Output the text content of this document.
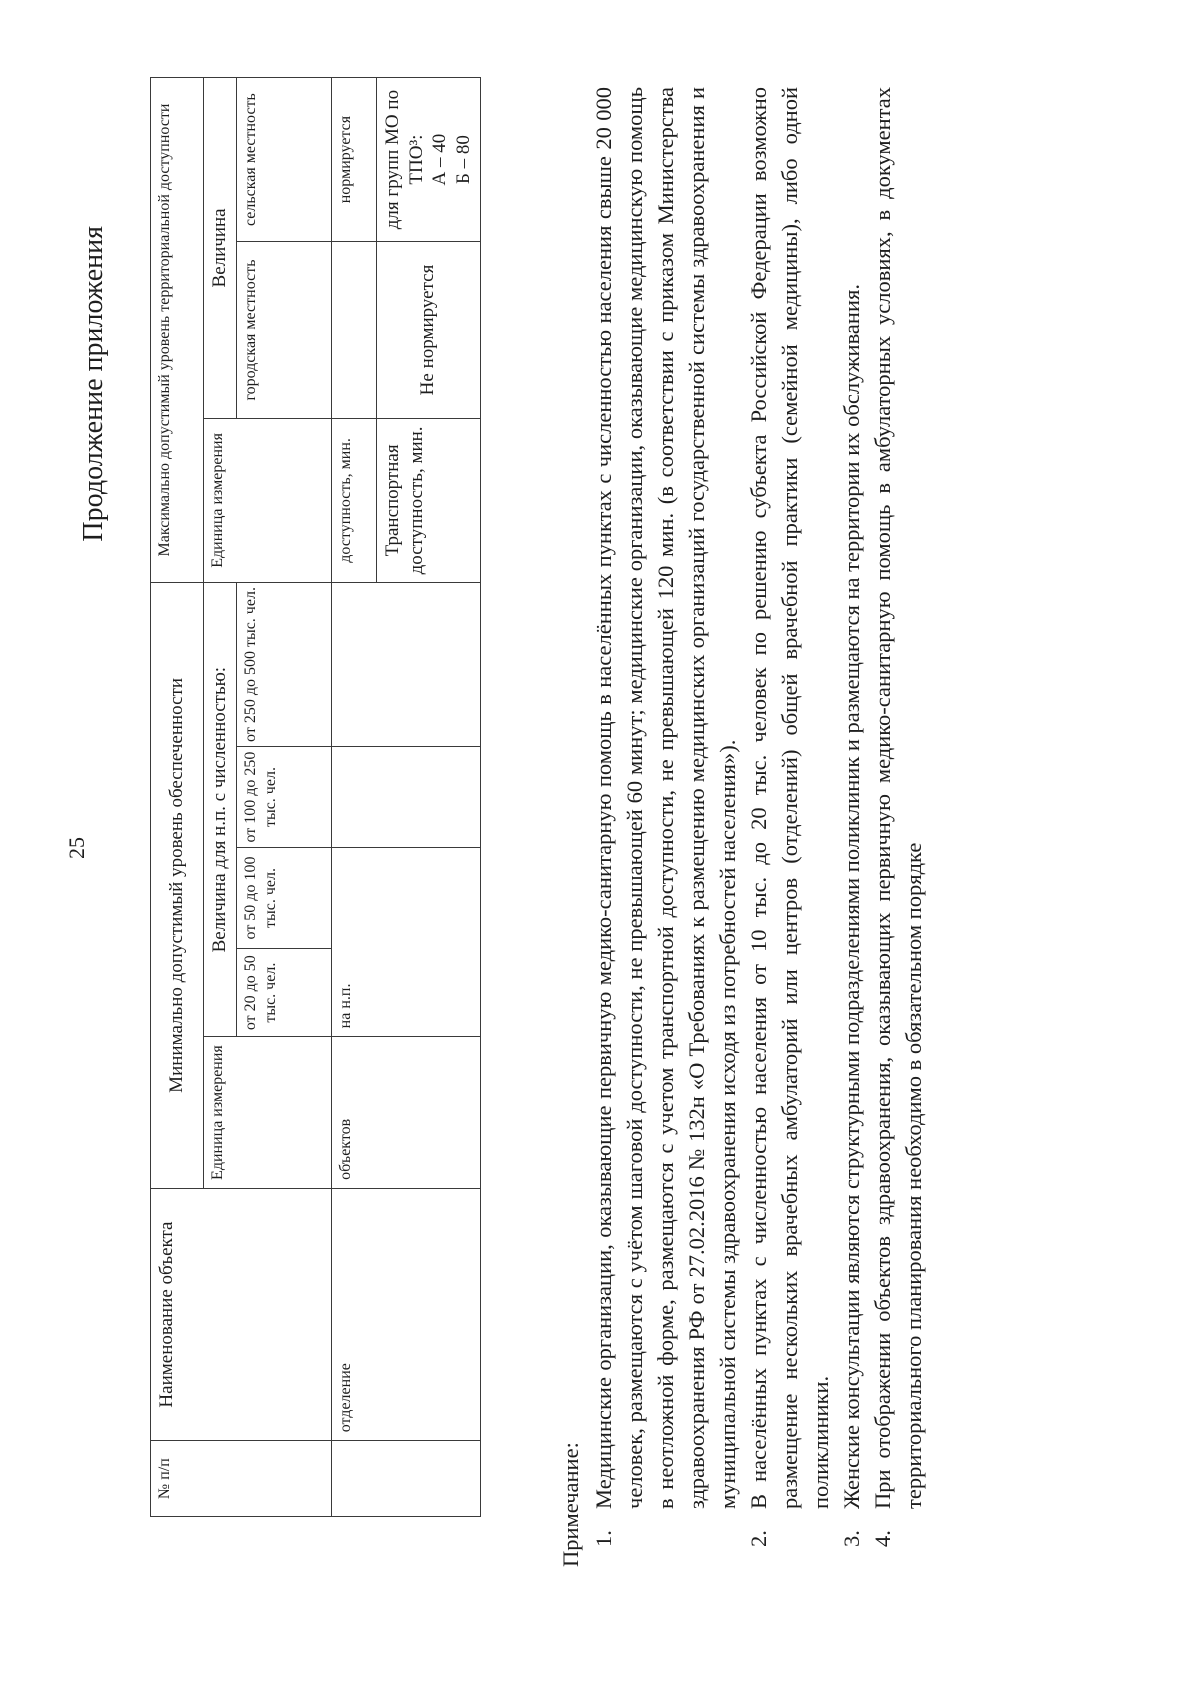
25
Продолжение приложения
№ п/п	Наименование объекта	Минимально допустимый уровень обеспеченности					Максимально допустимый уровень территориальной доступности		
		Единица измерения	Величина для н.п. с численностью:				Единица измерения	Величина	
			от 20 до 50 тыс. чел.	от 50 до 100 тыс. чел.	от 100 до 250 тыс. чел.	от 250 до 500 тыс. чел.		городская местность	сельская местность
	отделение	объектов	на н.п.				доступность, мин.		нормируется
							Транспортная доступность, мин.	Не нормируется	для групп МО по ТПО³: А – 40 Б – 80

Примечание: 1.
Медицинские организации, оказывающие первичную медико-санитарную помощь в населённых пунктах с численностью населения свыше 20 000 человек, размещаются с учётом шаговой доступности, не превышающей 60 минут; медицинские организации, оказывающие медицинскую помощь в неотложной форме, размещаются с учетом транспортной доступности, не превышающей 120 мин. (в соответствии с приказом Министерства здравоохранения РФ от 27.02.2016 № 132н «О Требованиях к размещению медицинских организаций государственной системы здравоохранения и муниципальной системы здравоохранения исходя из потребностей населения»).
2.
В населённых пунктах с численностью населения от 10 тыс. до 20 тыс. человек по решению субъекта Российской Федерации возможно размещение нескольких врачебных амбулаторий или центров (отделений) общей врачебной практики (семейной медицины), либо одной поликлиники.
3.
Женские консультации являются структурными подразделениями поликлиник и размещаются на территории их обслуживания.
4.
При отображении объектов здравоохранения, оказывающих первичную медико-санитарную помощь в амбулаторных условиях, в документах территориального планирования необходимо в обязательном порядке
